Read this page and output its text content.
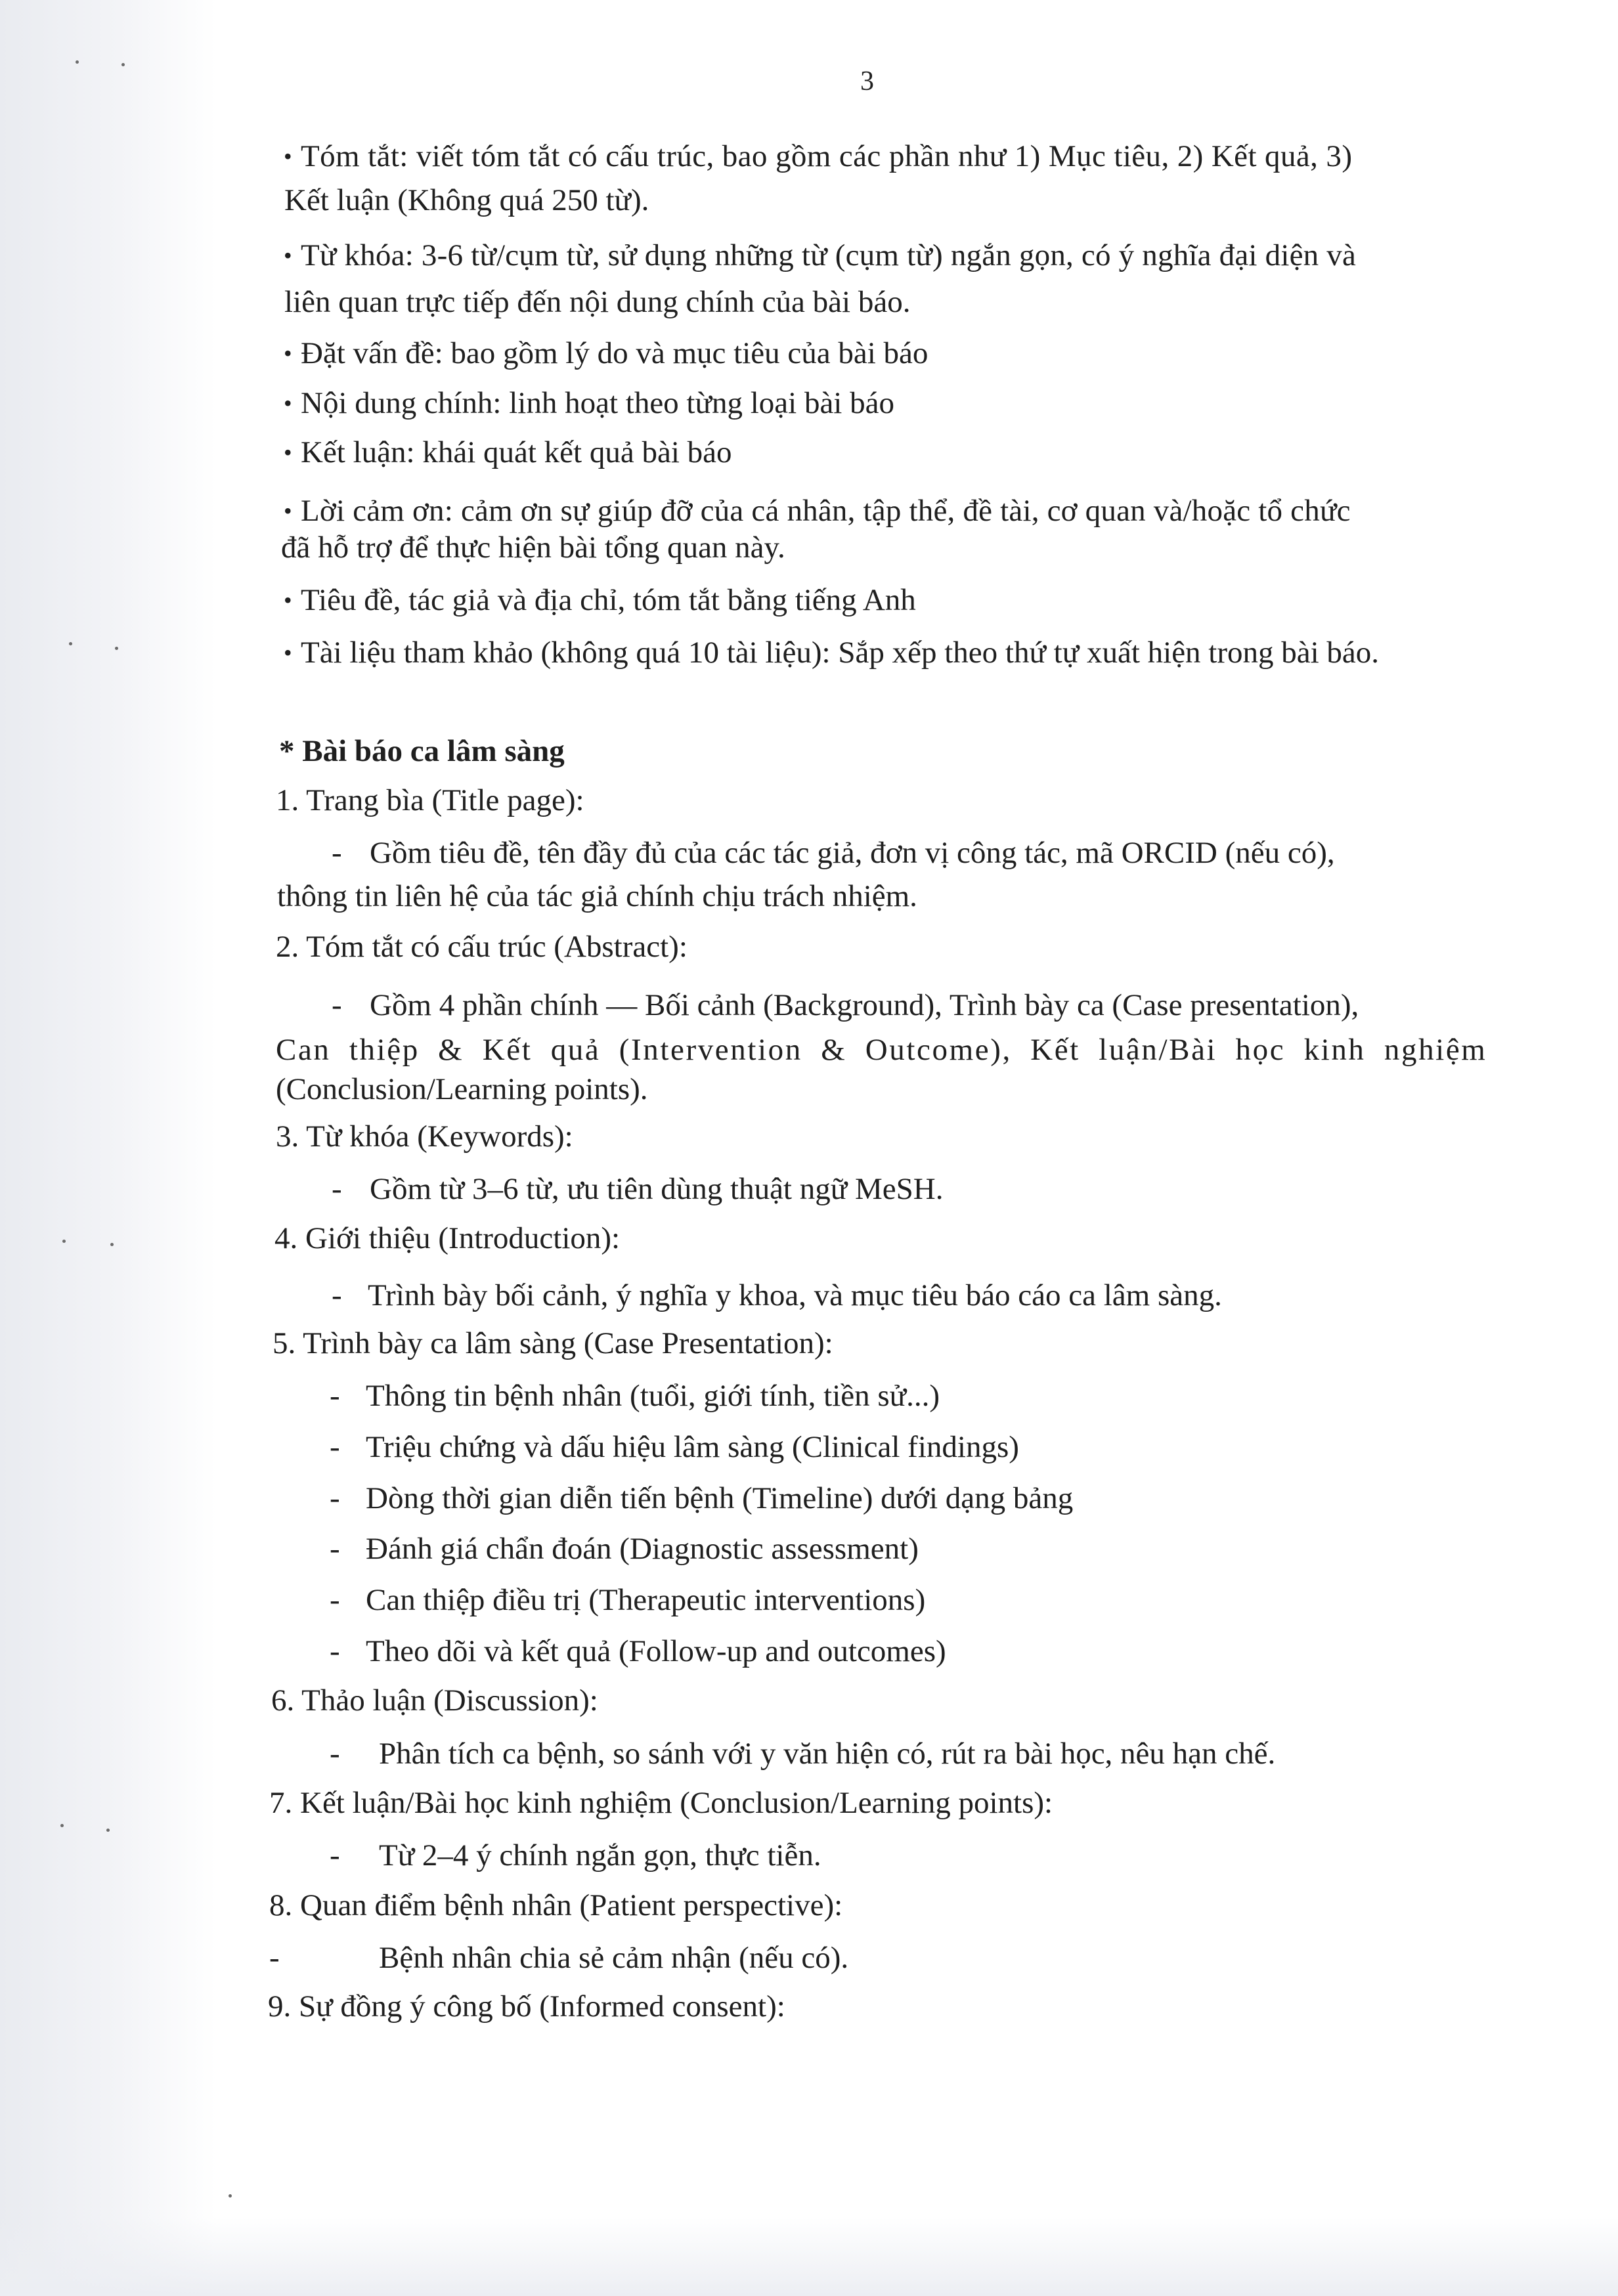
3
• Tóm tắt: viết tóm tắt có cấu trúc, bao gồm các phần như 1) Mục tiêu, 2) Kết quả, 3)
Kết luận (Không quá 250 từ).
• Từ khóa: 3-6 từ/cụm từ, sử dụng những từ (cụm từ) ngắn gọn, có ý nghĩa đại diện và
liên quan trực tiếp đến nội dung chính của bài báo.
• Đặt vấn đề: bao gồm lý do và mục tiêu của bài báo
• Nội dung chính: linh hoạt theo từng loại bài báo
• Kết luận: khái quát kết quả bài báo
• Lời cảm ơn: cảm ơn sự giúp đỡ của cá nhân, tập thể, đề tài, cơ quan và/hoặc tổ chức
đã hỗ trợ để thực hiện bài tổng quan này.
• Tiêu đề, tác giả và địa chỉ, tóm tắt bằng tiếng Anh
• Tài liệu tham khảo (không quá 10 tài liệu): Sắp xếp theo thứ tự xuất hiện trong bài báo.
* Bài báo ca lâm sàng
1. Trang bìa (Title page):
- Gồm tiêu đề, tên đầy đủ của các tác giả, đơn vị công tác, mã ORCID (nếu có),
thông tin liên hệ của tác giả chính chịu trách nhiệm.
2. Tóm tắt có cấu trúc (Abstract):
- Gồm 4 phần chính — Bối cảnh (Background), Trình bày ca (Case presentation),
Can thiệp & Kết quả (Intervention & Outcome), Kết luận/Bài học kinh nghiệm
(Conclusion/Learning points).
3. Từ khóa (Keywords):
- Gồm từ 3–6 từ, ưu tiên dùng thuật ngữ MeSH.
4. Giới thiệu (Introduction):
- Trình bày bối cảnh, ý nghĩa y khoa, và mục tiêu báo cáo ca lâm sàng.
5. Trình bày ca lâm sàng (Case Presentation):
- Thông tin bệnh nhân (tuổi, giới tính, tiền sử...)
- Triệu chứng và dấu hiệu lâm sàng (Clinical findings)
- Dòng thời gian diễn tiến bệnh (Timeline) dưới dạng bảng
- Đánh giá chẩn đoán (Diagnostic assessment)
- Can thiệp điều trị (Therapeutic interventions)
- Theo dõi và kết quả (Follow-up and outcomes)
6. Thảo luận (Discussion):
- Phân tích ca bệnh, so sánh với y văn hiện có, rút ra bài học, nêu hạn chế.
7. Kết luận/Bài học kinh nghiệm (Conclusion/Learning points):
- Từ 2–4 ý chính ngắn gọn, thực tiễn.
8. Quan điểm bệnh nhân (Patient perspective):
-	Bệnh nhân chia sẻ cảm nhận (nếu có).
9. Sự đồng ý công bố (Informed consent):
